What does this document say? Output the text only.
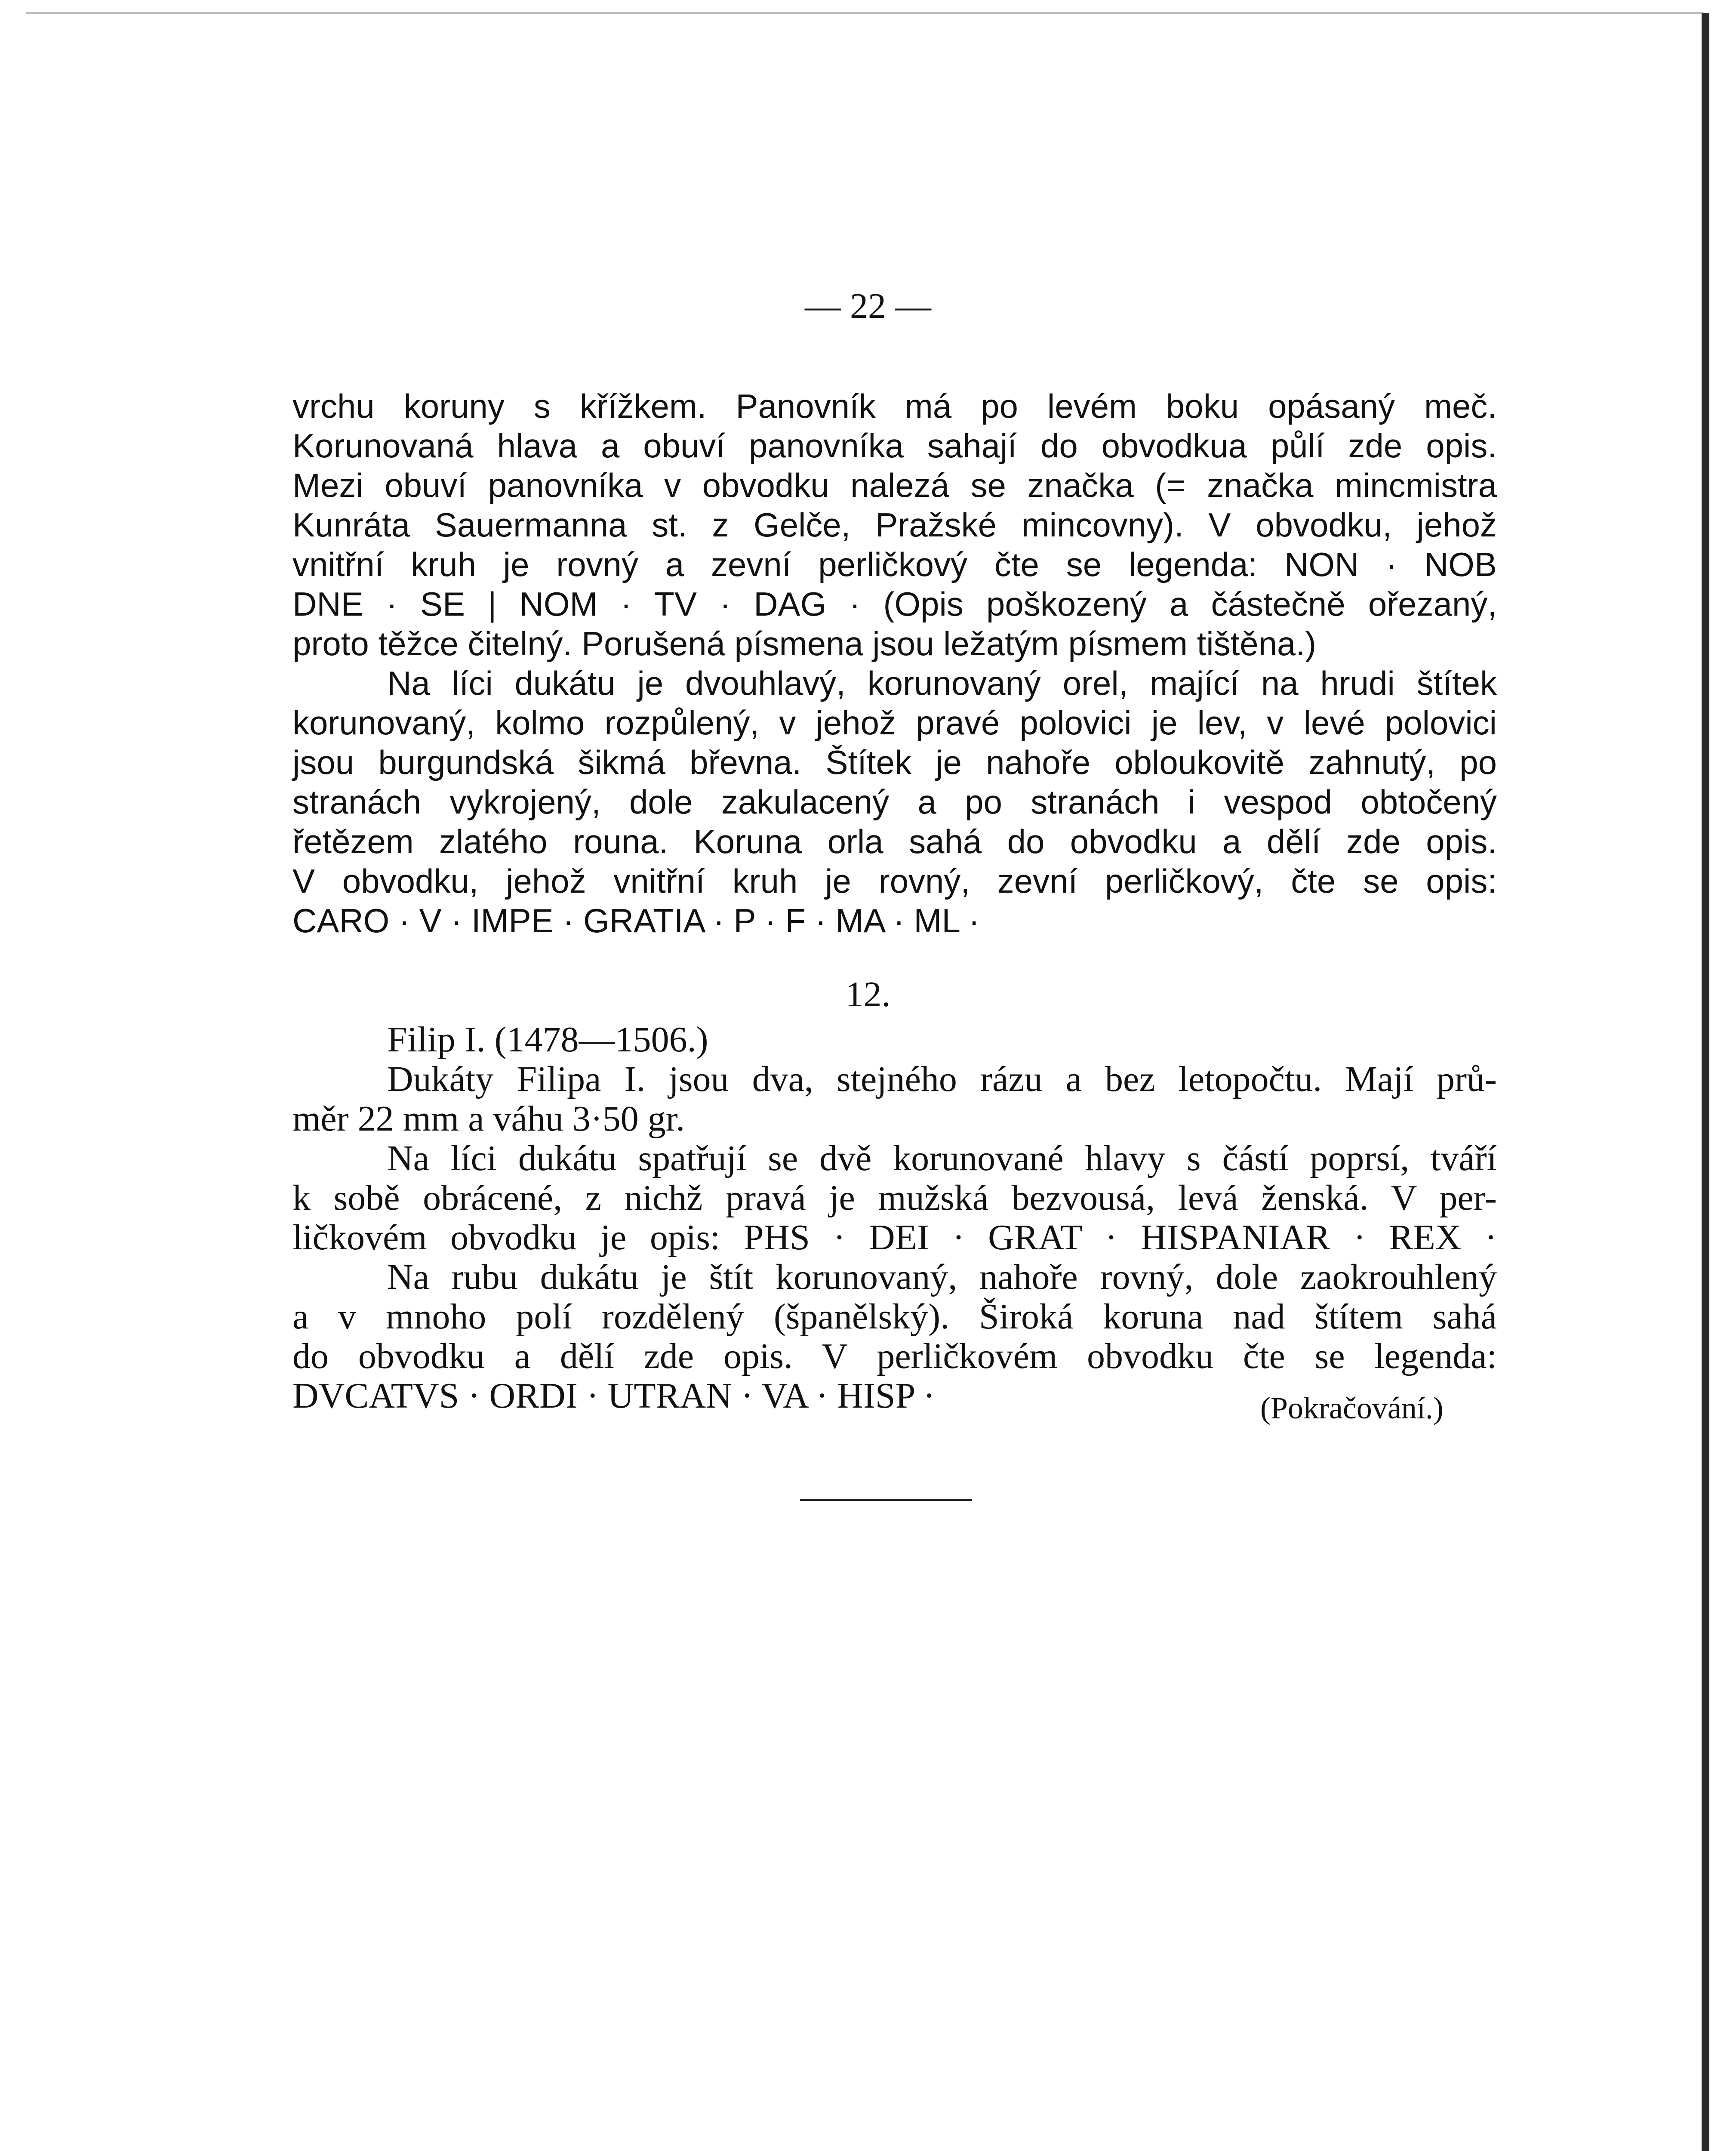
— 22 —
vrchu koruny s křížkem. Panovník má po levém boku opásaný meč.
Korunovaná hlava a obuví panovníka sahají do obvodkua půlí zde opis.
Mezi obuví panovníka v obvodku nalezá se značka (= značka mincmistra
Kunráta Sauermanna st. z Gelče, Pražské mincovny). V obvodku, jehož
vnitřní kruh je rovný a zevní perličkový čte se legenda: NON · NOB
DNE · SE | NOM · TV · DAG · (Opis poškozený a částečně ořezaný,
proto těžce čitelný. Porušená písmena jsou ležatým písmem tištěna.)
Na líci dukátu je dvouhlavý, korunovaný orel, mající na hrudi štítek
korunovaný, kolmo rozpůlený, v jehož pravé polovici je lev, v levé polovici
jsou burgundská šikmá břevna. Štítek je nahoře obloukovitě zahnutý, po
stranách vykrojený, dole zakulacený a po stranách i vespod obtočený
řetězem zlatého rouna. Koruna orla sahá do obvodku a dělí zde opis.
V obvodku, jehož vnitřní kruh je rovný, zevní perličkový, čte se opis:
CARO · V · IMPE · GRATIA · P · F · MA · ML ·
12.
Filip I. (1478—1506.)
Dukáty Filipa I. jsou dva, stejného rázu a bez letopočtu. Mají prů-
měr 22 mm a váhu 3·50 gr.
Na líci dukátu spatřují se dvě korunované hlavy s částí poprsí, tváří
k sobě obrácené, z nichž pravá je mužská bezvousá, levá ženská. V per-
ličkovém obvodku je opis: PHS · DEI · GRAT · HISPANIAR · REX ·
Na rubu dukátu je štít korunovaný, nahoře rovný, dole zaokrouhlený
a v mnoho polí rozdělený (španělský). Široká koruna nad štítem sahá
do obvodku a dělí zde opis. V perličkovém obvodku čte se legenda:
DVCATVS · ORDI · UTRAN · VA · HISP ·	(Pokračování.)
